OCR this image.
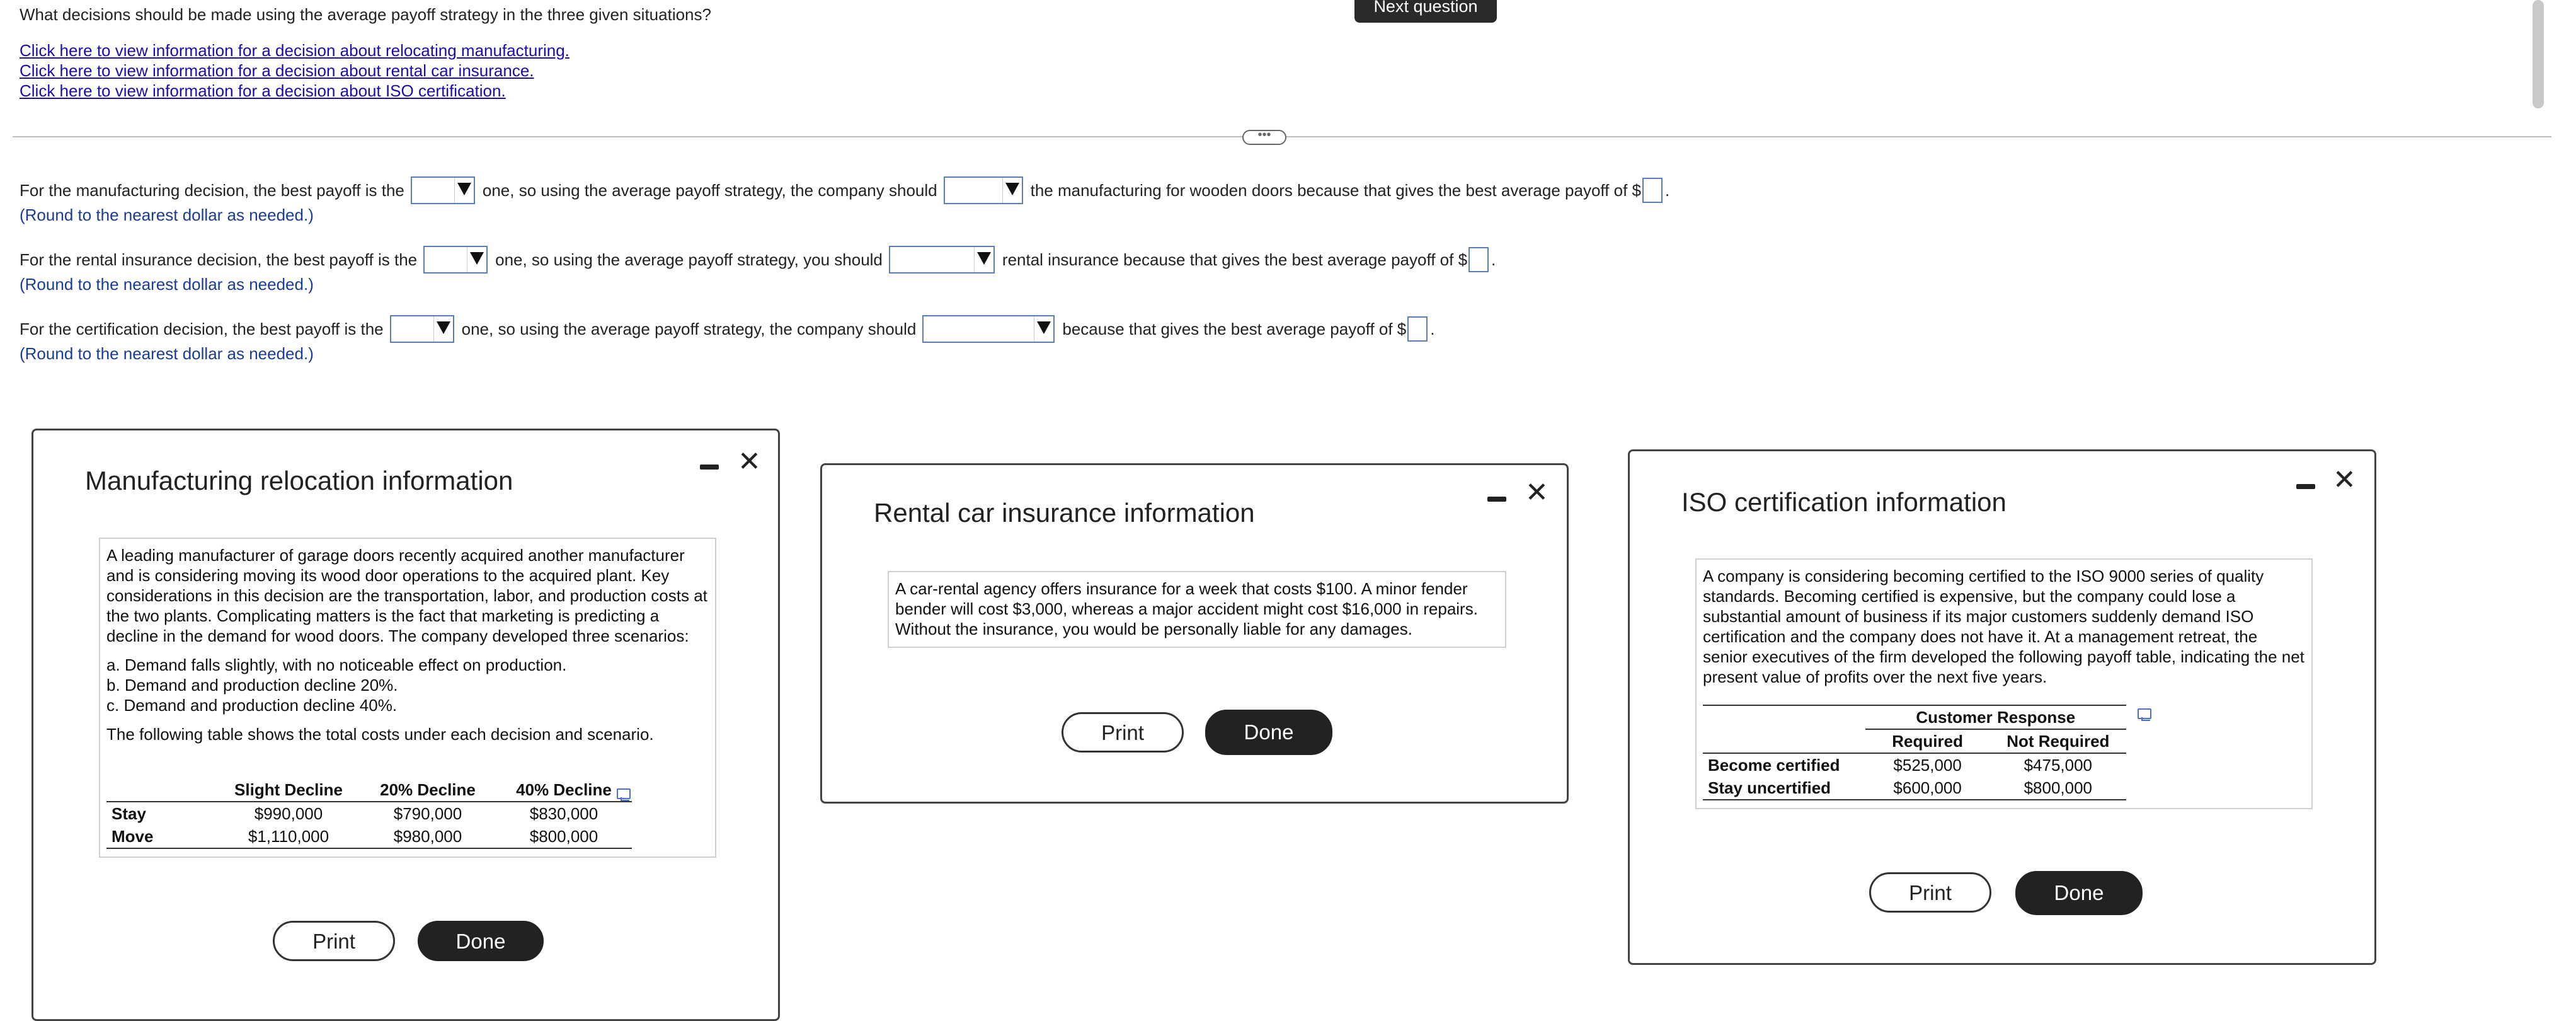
What decisions should be made using the average payoff strategy in the three given situations?	Next question
Click here to view information for a decision about relocating manufacturing.
Click here to view information for a decision about rental car insurance.
Click here to view information for a decision about ISO certification.
•••
For the manufacturing decision, the best payoff is the	one, so using the average payoff strategy, the company should	the manufacturing for wooden doors because that gives the best average payoff of $ .
(Round to the nearest dollar as needed.)
For the rental insurance decision, the best payoff is the	one, so using the average payoff strategy, you should	rental insurance because that gives the best average payoff of $ .
(Round to the nearest dollar as needed.)
For the certification decision, the best payoff is the	one, so using the average payoff strategy, the company should	because that gives the best average payoff of $ .
(Round to the nearest dollar as needed.)
Manufacturing relocation information
✕

A leading manufacturer of garage doors recently acquired another manufacturer and is considering moving its wood door operations to the acquired plant. Key considerations in this decision are the transportation, labor, and production costs at the two plants. Complicating matters is the fact that marketing is predicting a decline in the demand for wood doors. The company developed three scenarios:

a. Demand falls slightly, with no noticeable effect on production.
b. Demand and production decline 20%.
c. Demand and production decline 40%.

The following table shows the total costs under each decision and scenario.

	Slight Decline	20% Decline	40% Decline
Stay	$990,000	$790,000	$830,000
Move	$1,110,000	$980,000	$800,000
Print	Done
Rental car insurance information
✕
A car-rental agency offers insurance for a week that costs $100. A minor fender bender will cost $3,000, whereas a major accident might cost $16,000 in repairs. Without the insurance, you would be personally liable for any damages.
Print	Done
ISO certification information
✕
A company is considering becoming certified to the ISO 9000 series of quality standards. Becoming certified is expensive, but the company could lose a substantial amount of business if its major customers suddenly demand ISO certification and the company does not have it. At a management retreat, the senior executives of the firm developed the following payoff table, indicating the net present value of profits over the next five years.
	Customer Response	
	Required	Not Required
Become certified	$525,000	$475,000
Stay uncertified	$600,000	$800,000
Print	Done
